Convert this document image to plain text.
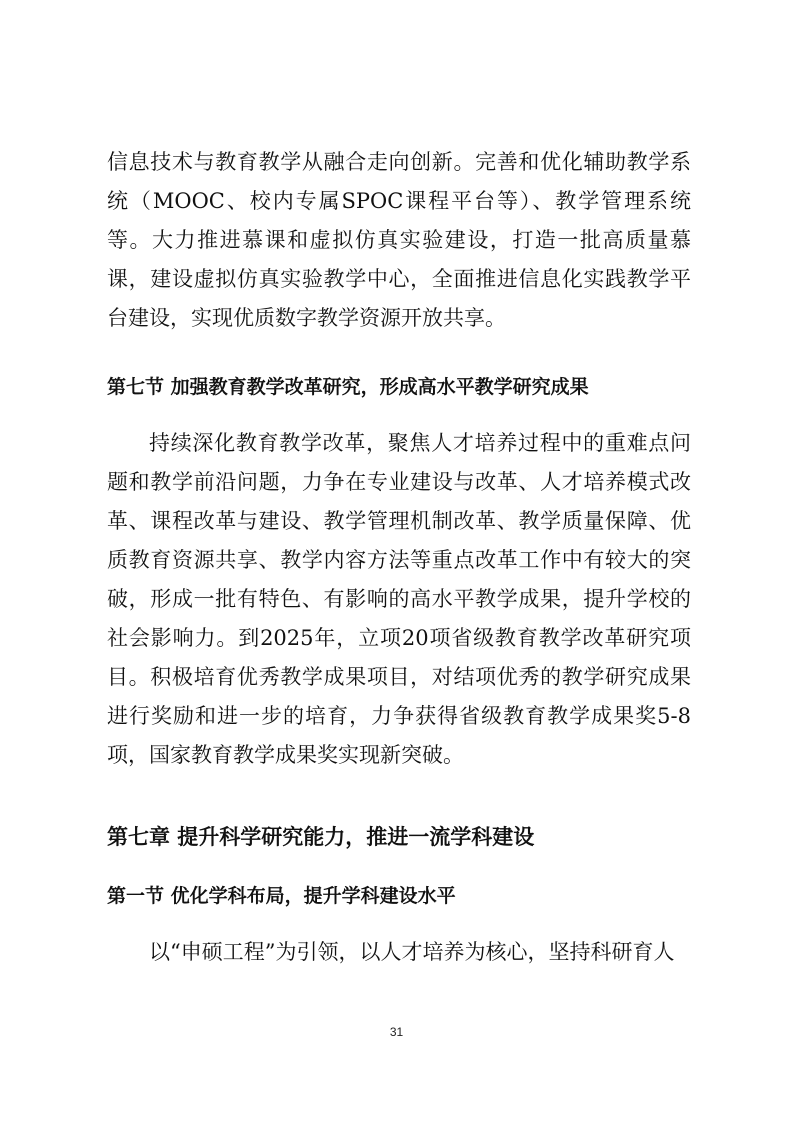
信息技术与教育教学从融合走向创新。完善和优化辅助教学系统（MOOC、校内专属SPOC课程平台等）、教学管理系统等。大力推进慕课和虚拟仿真实验建设，打造一批高质量慕课，建设虚拟仿真实验教学中心，全面推进信息化实践教学平台建设，实现优质数字教学资源开放共享。

第七节 加强教育教学改革研究，形成高水平教学研究成果

持续深化教育教学改革，聚焦人才培养过程中的重难点问题和教学前沿问题，力争在专业建设与改革、人才培养模式改革、课程改革与建设、教学管理机制改革、教学质量保障、优质教育资源共享、教学内容方法等重点改革工作中有较大的突破，形成一批有特色、有影响的高水平教学成果，提升学校的社会影响力。到2025年，立项20项省级教育教学改革研究项目。积极培育优秀教学成果项目，对结项优秀的教学研究成果进行奖励和进一步的培育，力争获得省级教育教学成果奖5-8项，国家教育教学成果奖实现新突破。

第七章 提升科学研究能力，推进一流学科建设
第一节 优化学科布局，提升学科建设水平

以“申硕工程”为引领，以人才培养为核心，坚持科研育人

31
